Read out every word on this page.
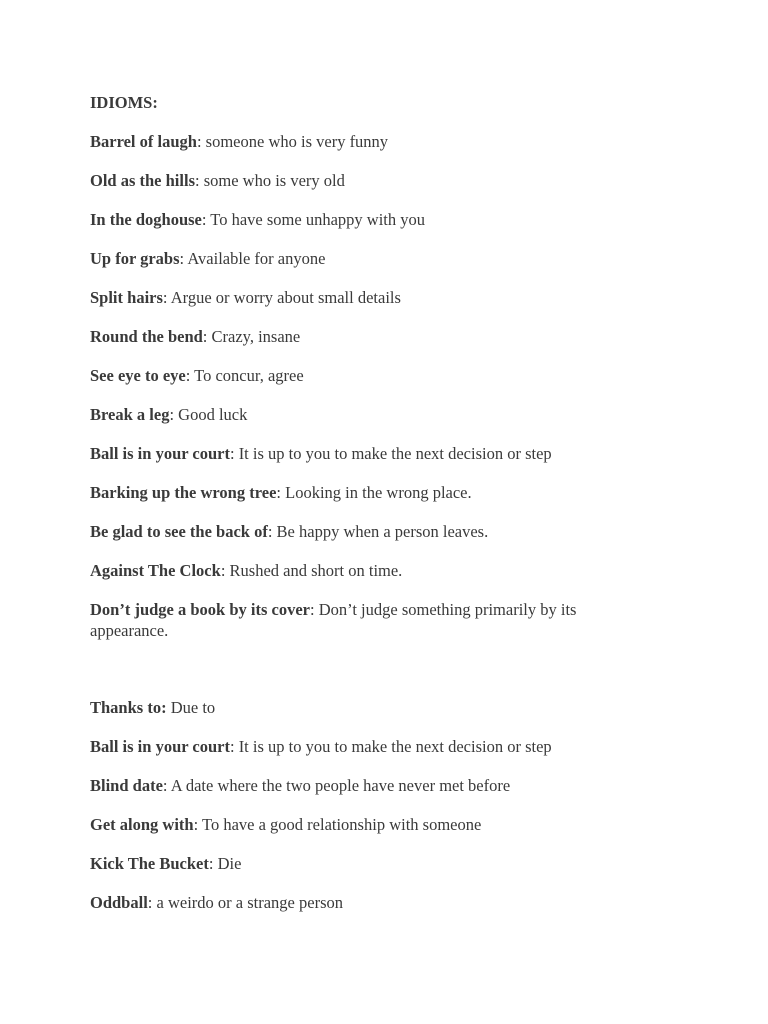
IDIOMS:

Barrel of laugh: someone who is very funny

Old as the hills: some who is very old

In the doghouse: To have some unhappy with you

Up for grabs: Available for anyone

Split hairs: Argue or worry about small details

Round the bend: Crazy, insane

See eye to eye: To concur, agree

Break a leg: Good luck

Ball is in your court: It is up to you to make the next decision or step

Barking up the wrong tree: Looking in the wrong place.

Be glad to see the back of: Be happy when a person leaves.

Against The Clock: Rushed and short on time.

Don’t judge a book by its cover: Don’t judge something primarily by its appearance.

Thanks to: Due to

Ball is in your court: It is up to you to make the next decision or step

Blind date: A date where the two people have never met before

Get along with: To have a good relationship with someone

Kick The Bucket: Die

Oddball: a weirdo or a strange person
